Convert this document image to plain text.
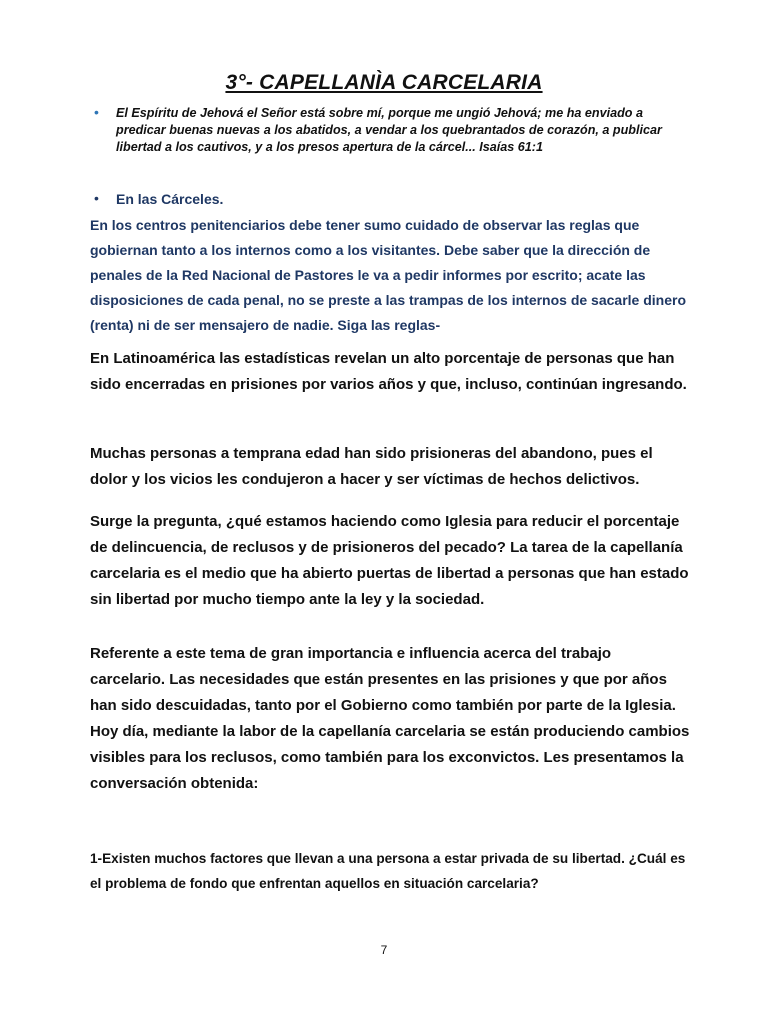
3°- CAPELLANÌA CARCELARIA
• El Espíritu de Jehová el Señor está sobre mí, porque me ungió Jehová; me ha enviado a predicar buenas nuevas a los abatidos, a vendar a los quebrantados de corazón, a publicar libertad a los cautivos, y a los presos apertura de la cárcel... Isaías 61:1
• En las Cárceles.
En los centros penitenciarios debe tener sumo cuidado de observar las reglas que gobiernan tanto a los internos como a los visitantes. Debe saber que la dirección de penales de la Red Nacional de Pastores le va a pedir informes por escrito; acate las disposiciones de cada penal, no se preste a las trampas de los internos de sacarle dinero (renta) ni de ser mensajero de nadie. Siga las reglas-
En Latinoamérica las estadísticas revelan un alto porcentaje de personas que han sido encerradas en prisiones por varios años y que, incluso, continúan ingresando.
Muchas personas a temprana edad han sido prisioneras del abandono, pues el dolor y los vicios les condujeron a hacer y ser víctimas de hechos delictivos.
Surge la pregunta, ¿qué estamos haciendo como Iglesia para reducir el porcentaje de delincuencia, de reclusos y de prisioneros del pecado? La tarea de la capellanía carcelaria es el medio que ha abierto puertas de libertad a personas que han estado sin libertad por mucho tiempo ante la ley y la sociedad.
Referente a este tema de gran importancia e influencia acerca del trabajo carcelario. Las necesidades que están presentes en las prisiones y que por años han sido descuidadas, tanto por el Gobierno como también por parte de la Iglesia. Hoy día, mediante la labor de la capellanía carcelaria se están produciendo cambios visibles para los reclusos, como también para los exconvictos. Les presentamos la conversación obtenida:
1-Existen muchos factores que llevan a una persona a estar privada de su libertad. ¿Cuál es el problema de fondo que enfrentan aquellos en situación carcelaria?
7
